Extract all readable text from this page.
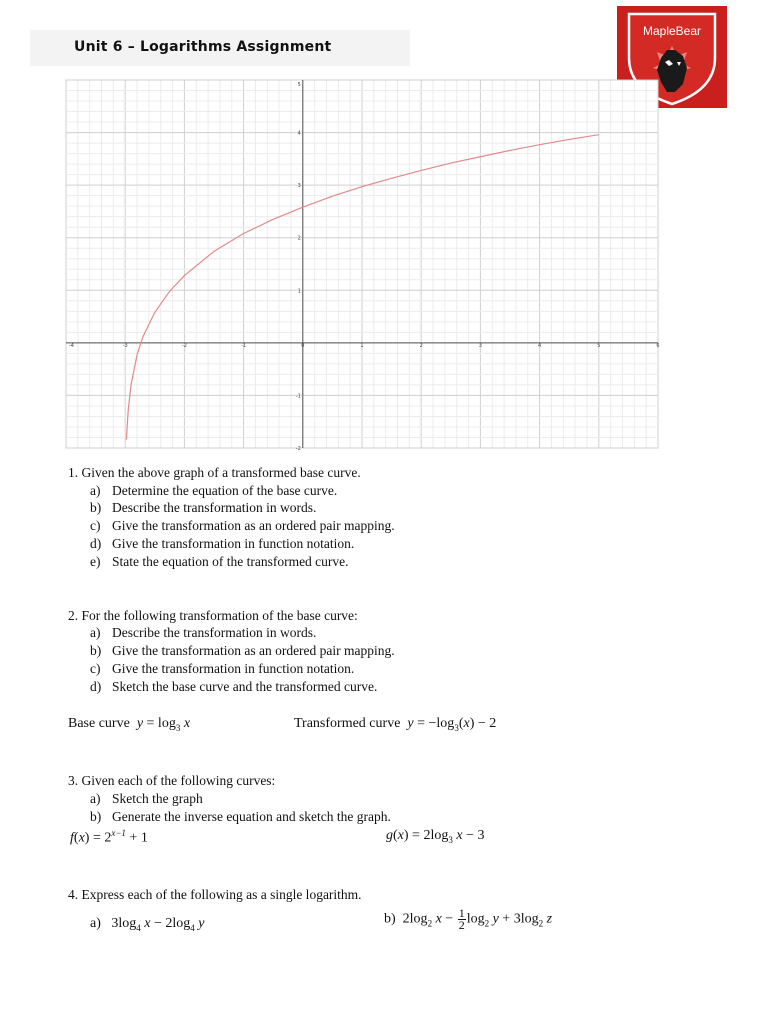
Unit 6 – Logarithms Assignment
MapleBear
-4	-3	-2	-1	0	1	2	3	4	5	6
-2
-1
1
2
3
4
5
1. Given the above graph of a transformed base curve.
a) Determine the equation of the base curve.
b) Describe the transformation in words.
c) Give the transformation as an ordered pair mapping.
d) Give the transformation in function notation.
e) State the equation of the transformed curve.
2. For the following transformation of the base curve:
a) Describe the transformation in words.
b) Give the transformation as an ordered pair mapping.
c) Give the transformation in function notation.
d) Sketch the base curve and the transformed curve.
Base curve $y = \log_3 x$	Transformed curve $y = -\log_3(x) - 2$
3. Given each of the following curves:
a) Sketch the graph
b) Generate the inverse equation and sketch the graph.
$f(x) = 2^{x-1} + 1$	$g(x) = 2\log_3$ x − 3
4. Express each of the following as a single logarithm.
a)   $3\log_4$ $x - 2\log_4$ y	b)  $2\log_2$ $x - \frac{1}{2} \log_2 y + 3\log_2$ z
